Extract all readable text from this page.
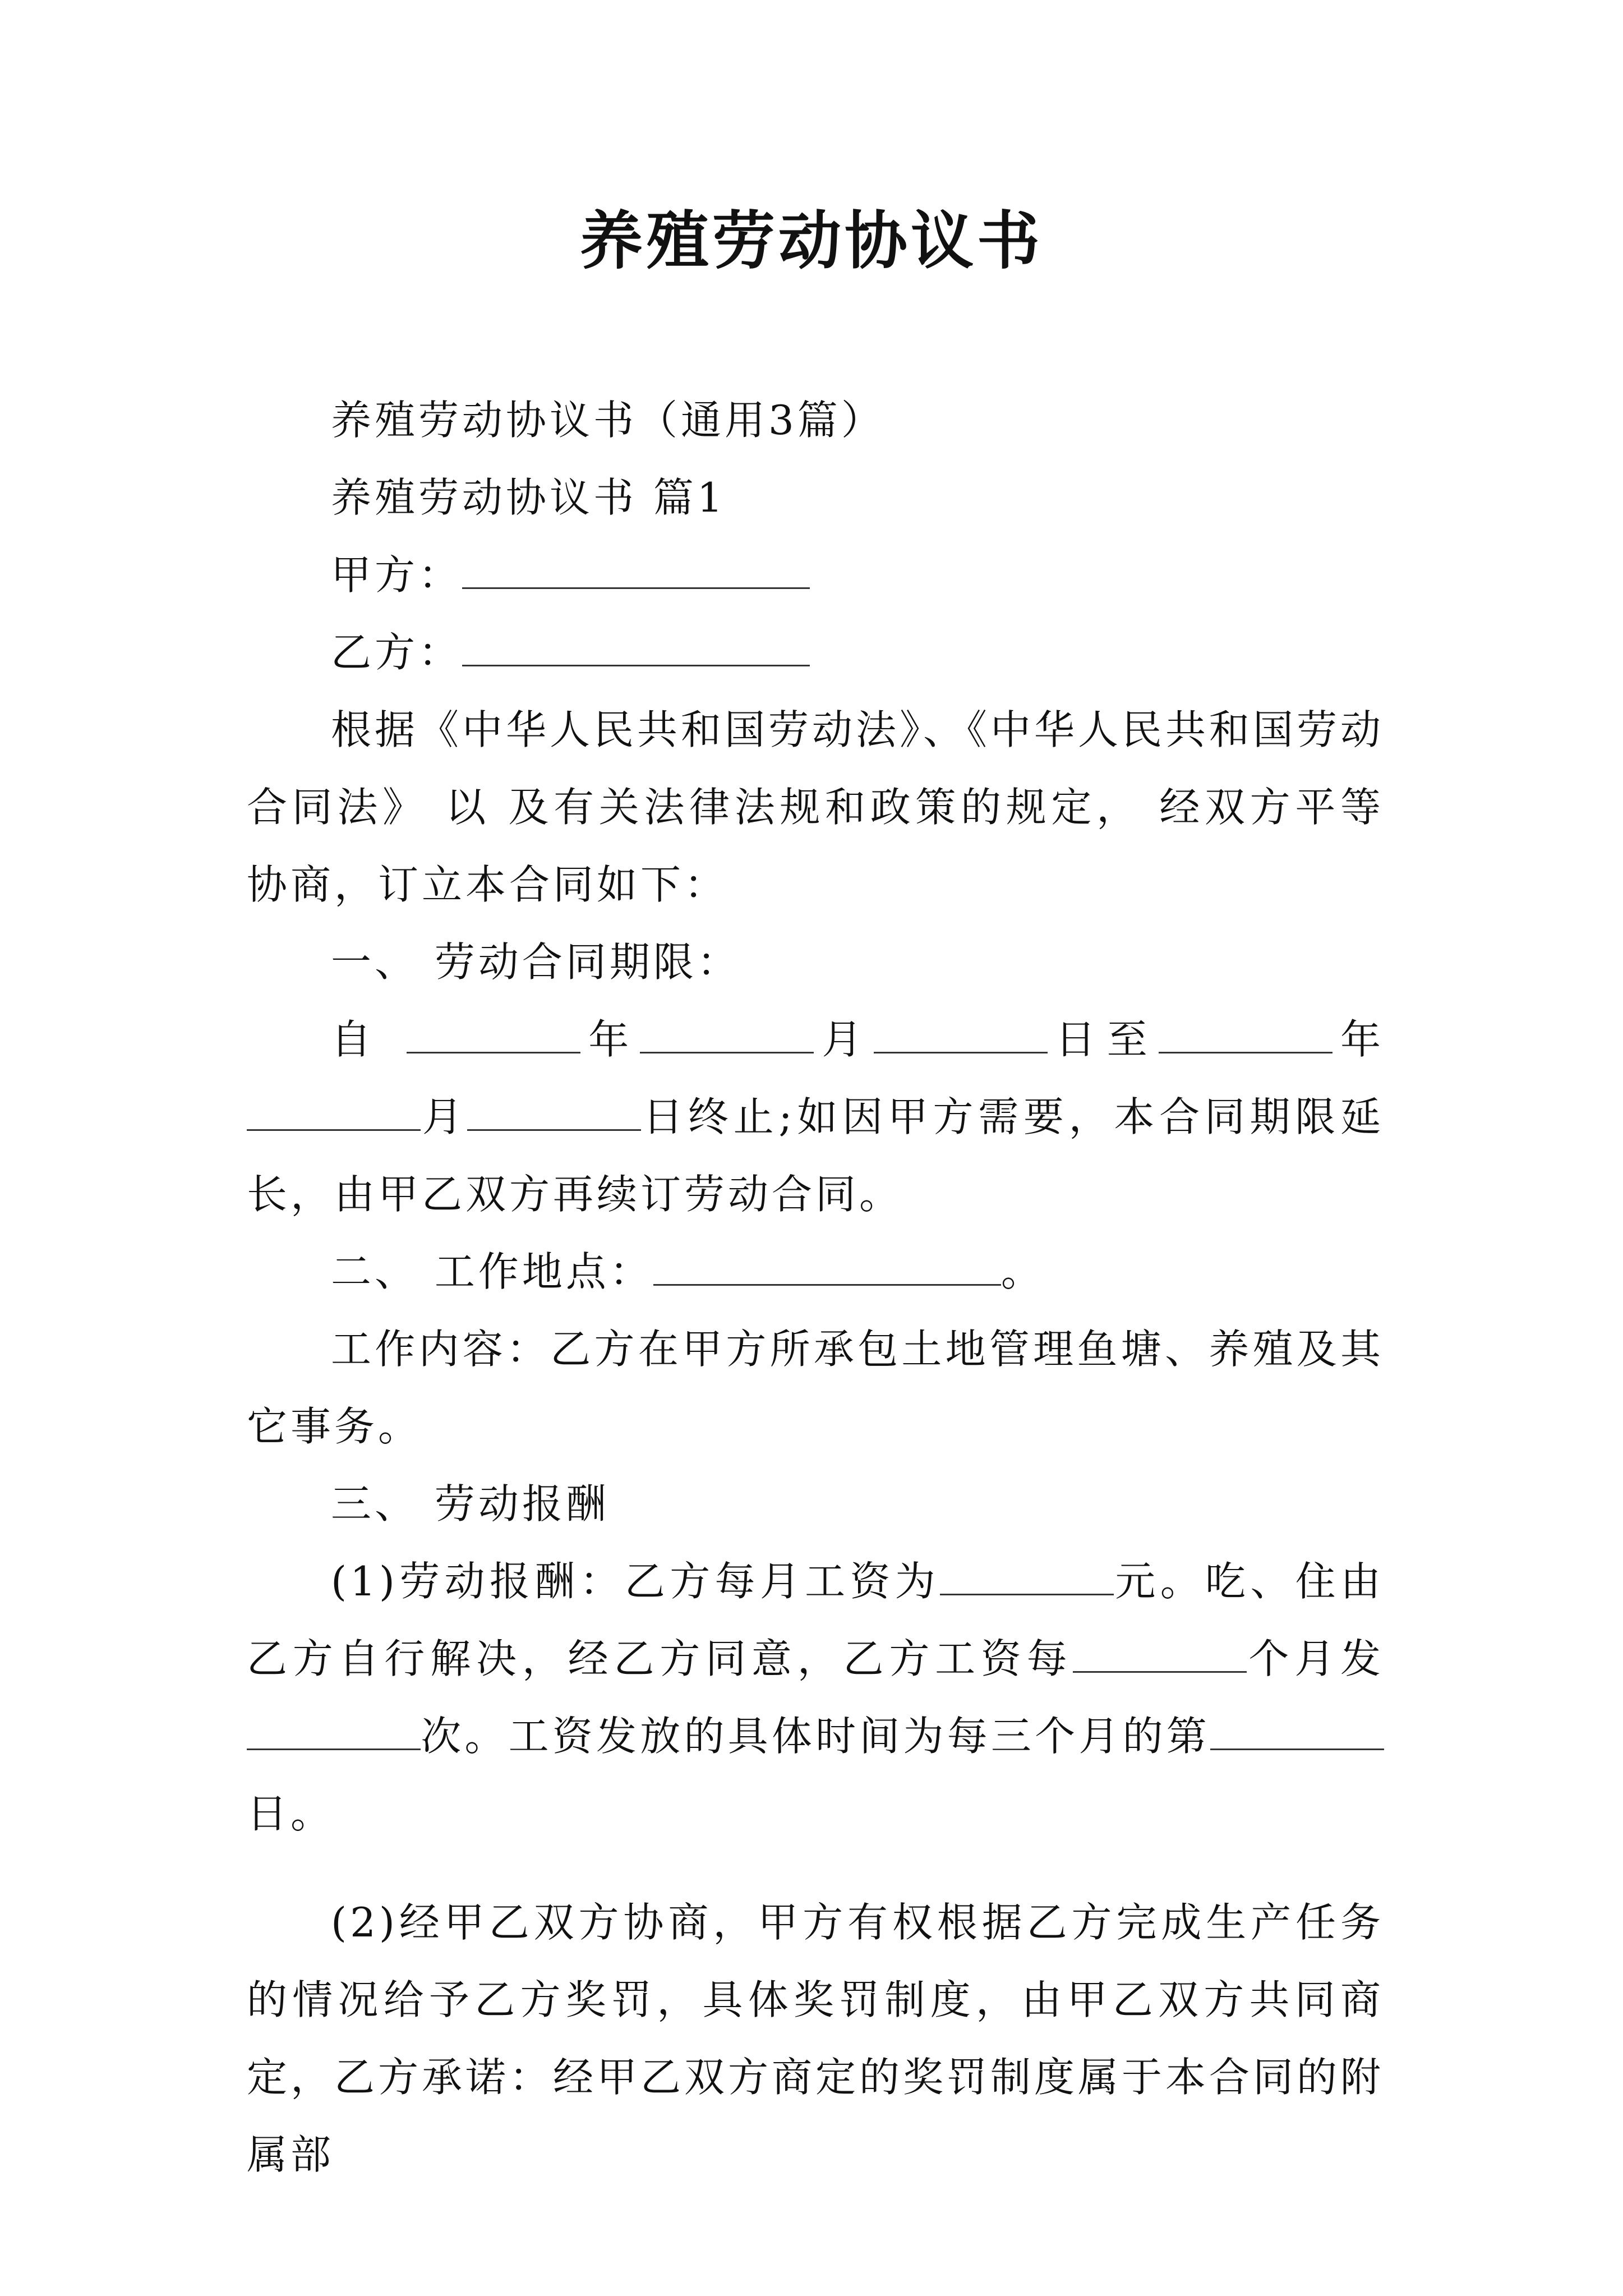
养殖劳动协议书

养殖劳动协议书（通用3篇）

养殖劳动协议书 篇1

甲方：

乙方：

根据《中华人民共和国劳动法》、《中华人民共和国劳动合同法》 以 及有关法律法规和政策的规定， 经双方平等协商，订立本合同如下：

一、 劳动合同期限：

自	年	月	日至	年月	日终止;如因甲方需要，本合同期限延长，由甲乙双方再续订劳动合同。

二、 工作地点：	。

工作内容：乙方在甲方所承包土地管理鱼塘、养殖及其它事务。

三、 劳动报酬

(1)劳动报酬：乙方每月工资为	元。吃、住由乙方自行解决，经乙方同意，乙方工资每	个月发次。工资发放的具体时间为每三个月的第日。

(2)经甲乙双方协商，甲方有权根据乙方完成生产任务的情况给予乙方奖罚，具体奖罚制度，由甲乙双方共同商定，乙方承诺：经甲乙双方商定的奖罚制度属于本合同的附属部
